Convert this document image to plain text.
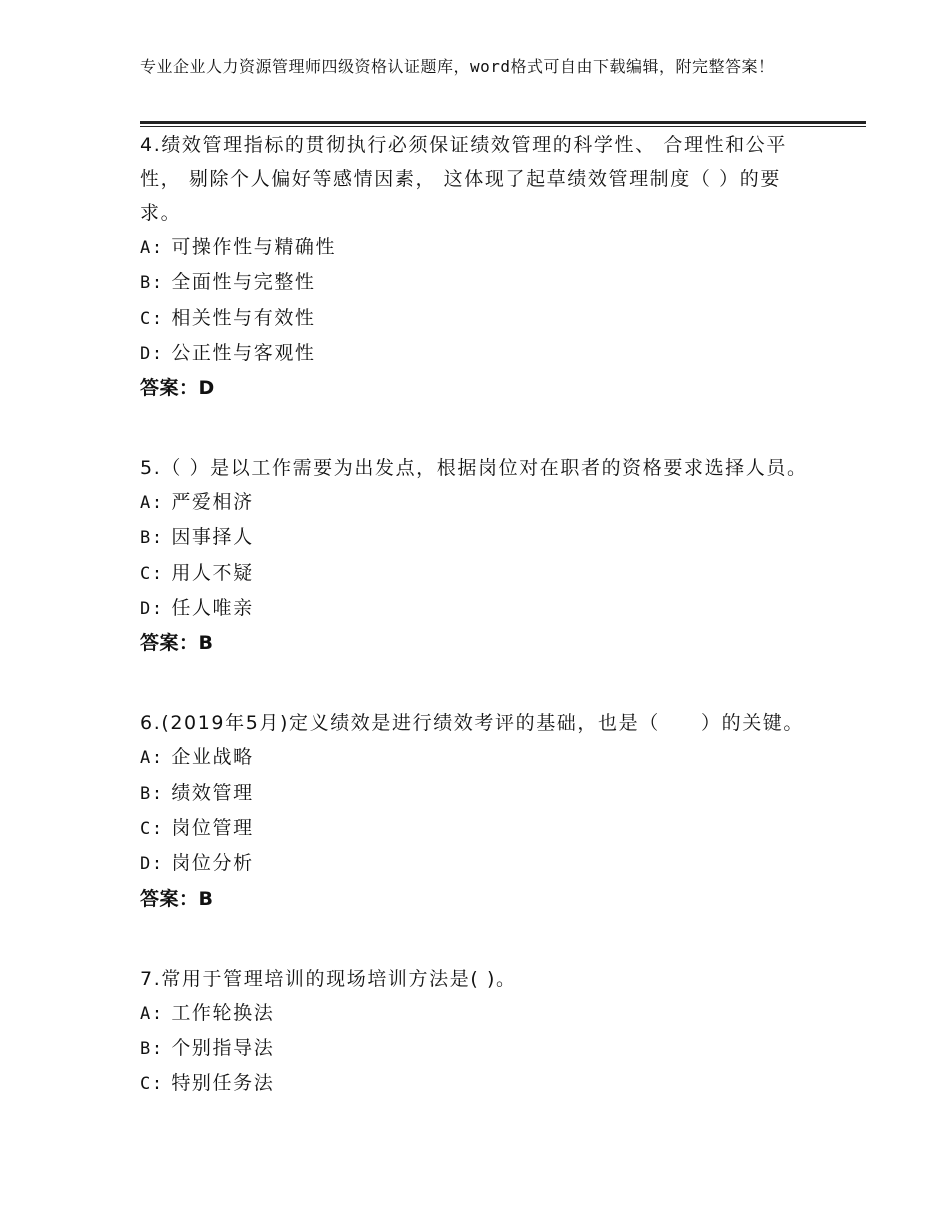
专业企业人力资源管理师四级资格认证题库，word格式可自由下载编辑，附完整答案！
4.绩效管理指标的贯彻执行必须保证绩效管理的科学性、 合理性和公平性， 剔除个人偏好等感情因素， 这体现了起草绩效管理制度（ ）的要求。
A: 可操作性与精确性
B: 全面性与完整性
C: 相关性与有效性
D: 公正性与客观性
答案：D
5.（ ）是以工作需要为出发点，根据岗位对在职者的资格要求选择人员。
A: 严爱相济
B: 因事择人
C: 用人不疑
D: 任人唯亲
答案：B
6.(2019年5月)定义绩效是进行绩效考评的基础，也是（　　）的关键。
A: 企业战略
B: 绩效管理
C: 岗位管理
D: 岗位分析
答案：B
7.常用于管理培训的现场培训方法是( )。
A: 工作轮换法
B: 个别指导法
C: 特别任务法
